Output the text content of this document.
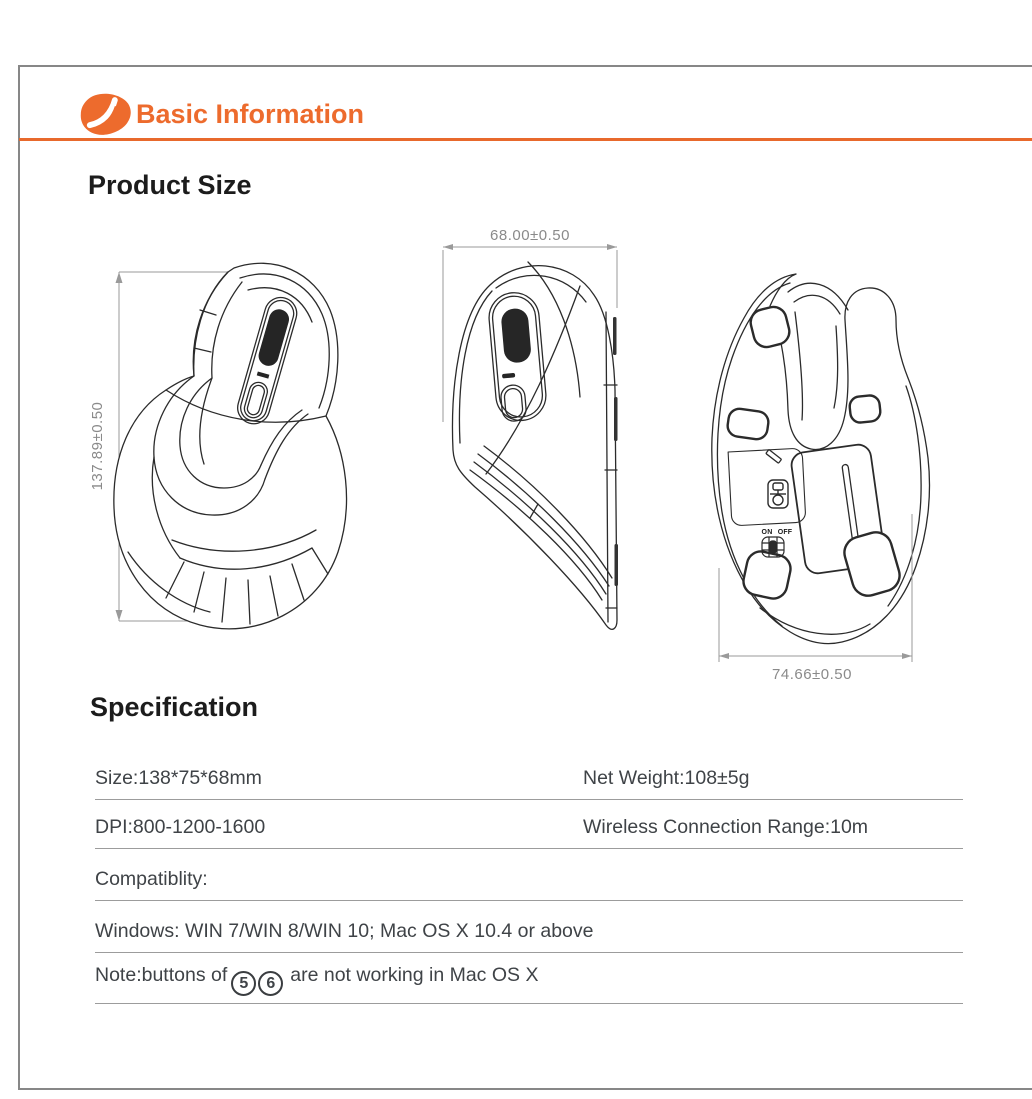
Basic Information
Product Size
137.89±0.50
68.00±0.50
ON OFF
74.66±0.50
Specification
Size:138*75*68mm	Net Weight:108±5g
DPI:800-1200-1600	Wireless Connection Range:10m
Compatiblity:
Windows: WIN 7/WIN 8/WIN 10; Mac OS X 10.4 or above
Note:buttons of 5 6 are not working in Mac OS X
